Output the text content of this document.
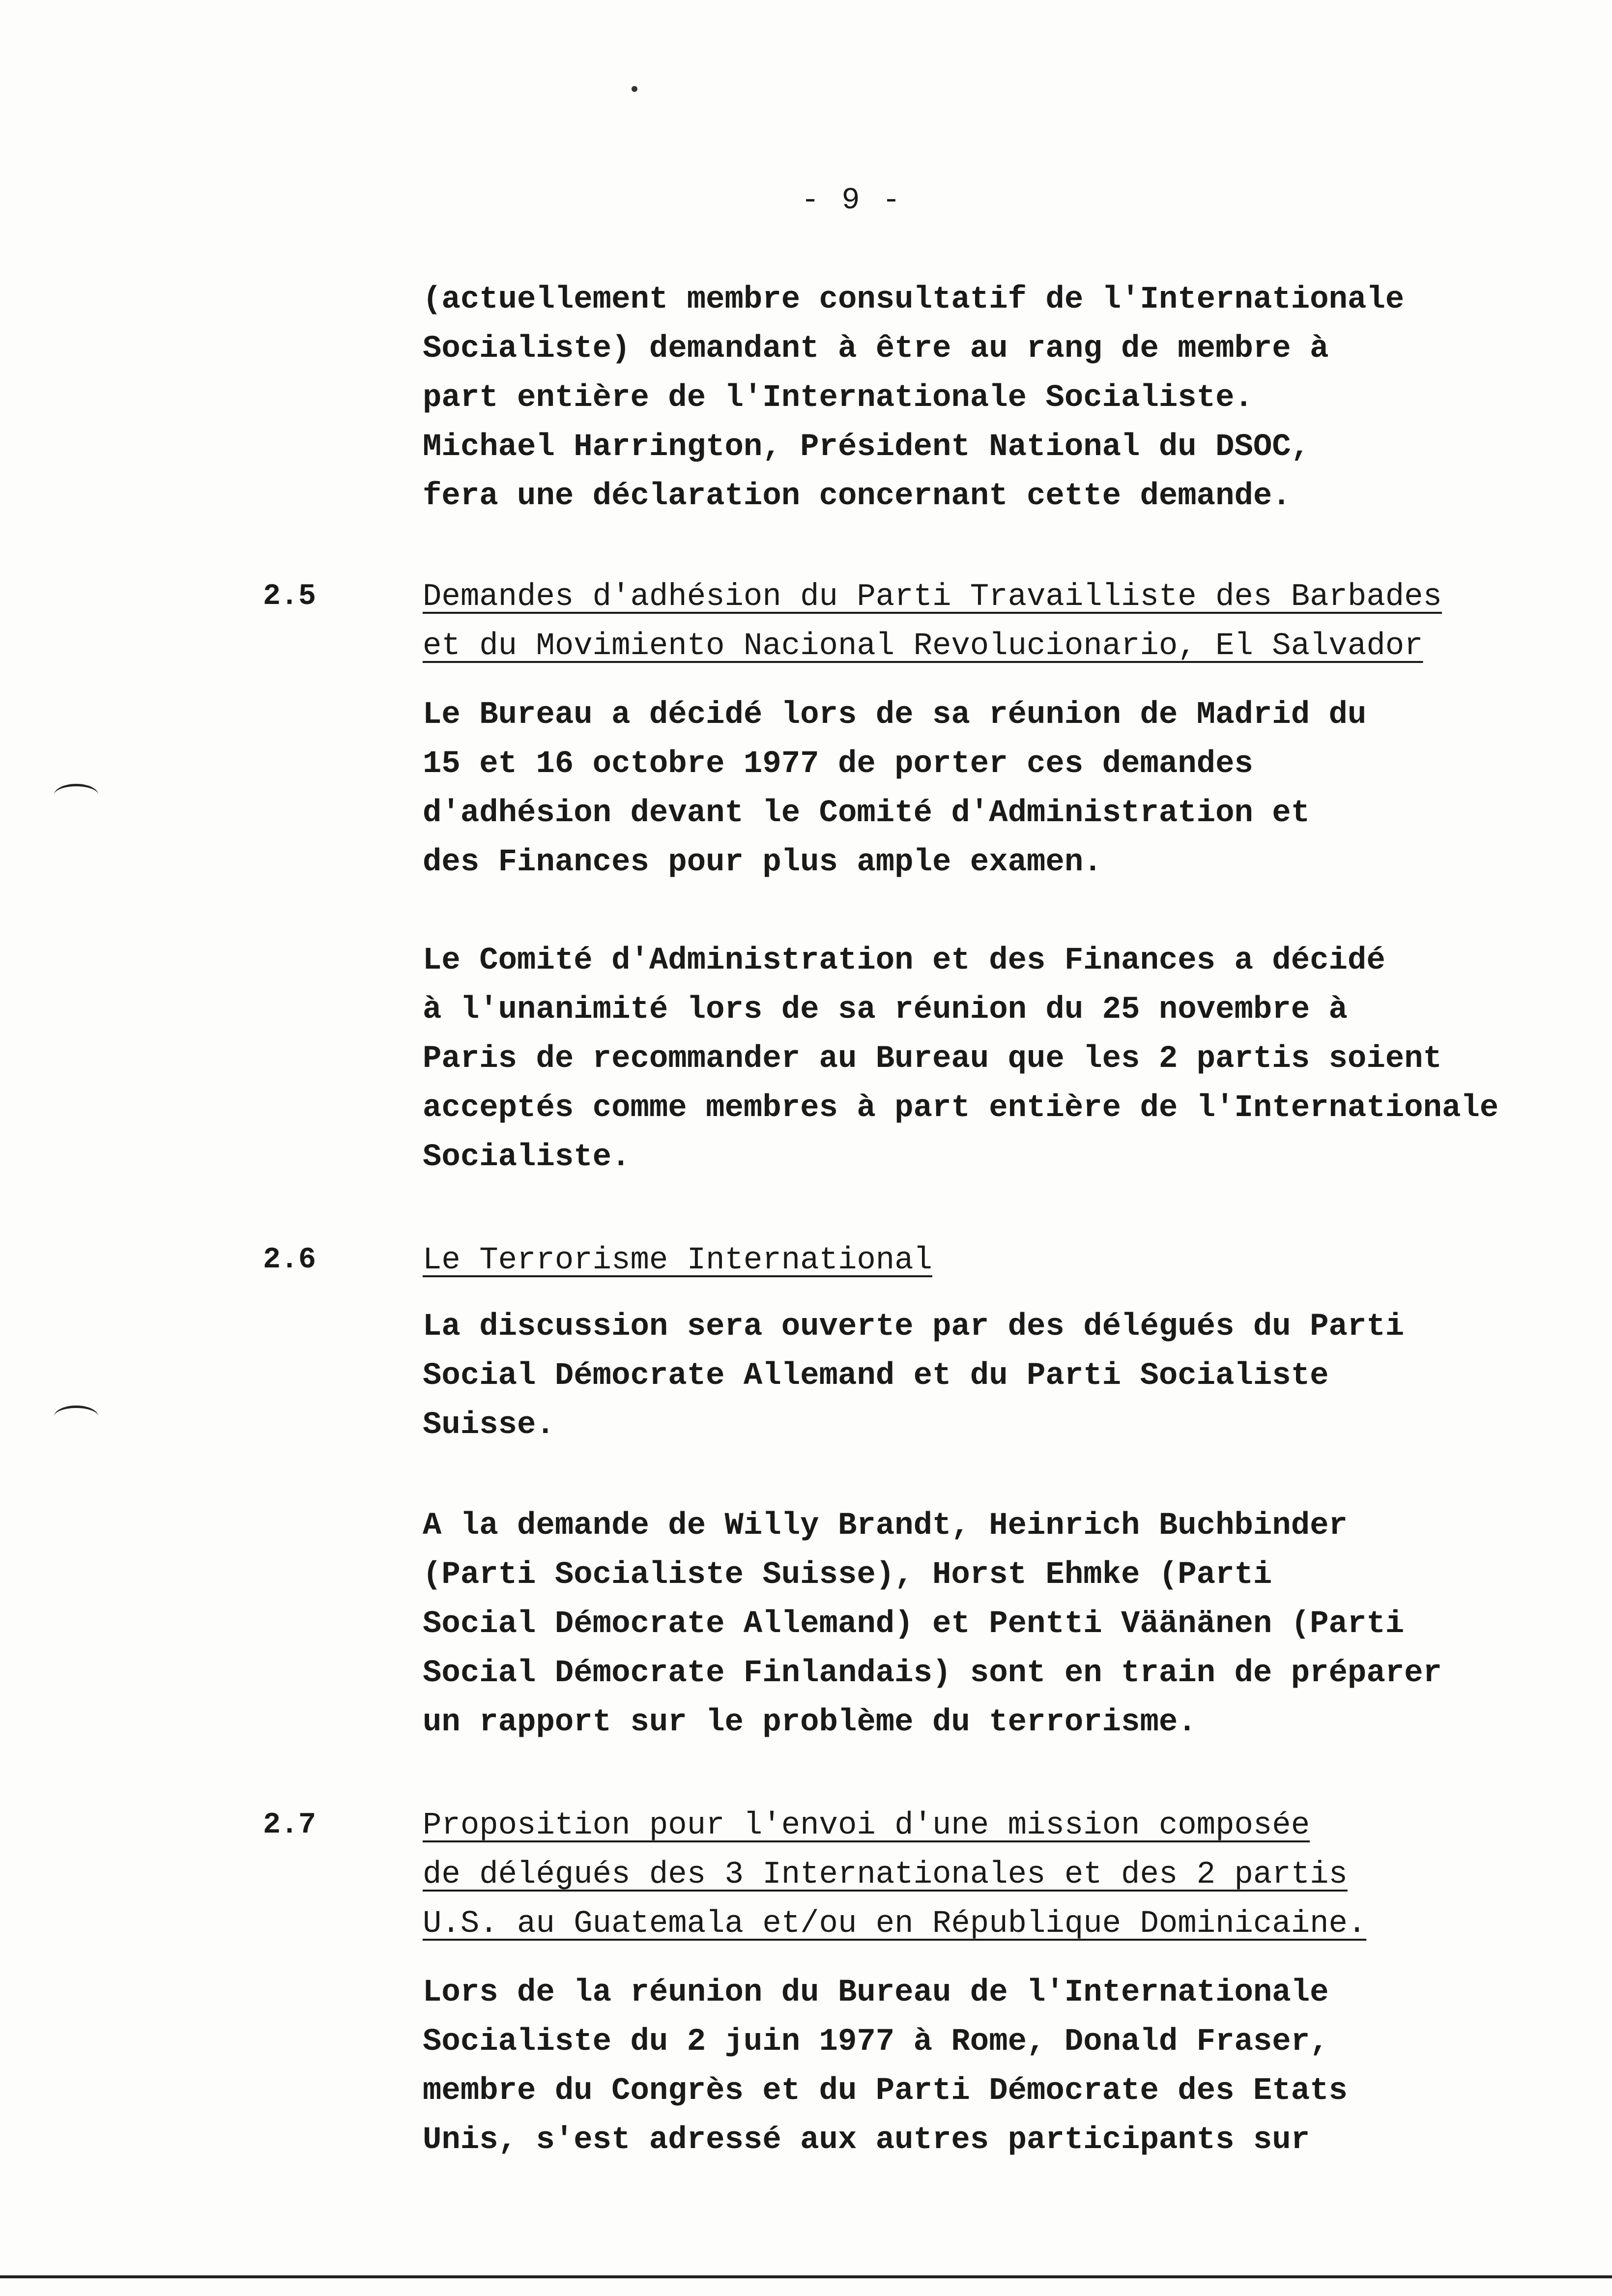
- 9 -
(actuellement membre consultatif de l'Internationale
Socialiste) demandant à être au rang de membre à
part entière de l'Internationale Socialiste.
Michael Harrington, Président National du DSOC,
fera une déclaration concernant cette demande.
2.5	Demandes d'adhésion du Parti Travailliste des Barbades
et du Movimiento Nacional Revolucionario, El Salvador
Le Bureau a décidé lors de sa réunion de Madrid du
15 et 16 octobre 1977 de porter ces demandes
d'adhésion devant le Comité d'Administration et
des Finances pour plus ample examen.
Le Comité d'Administration et des Finances a décidé
à l'unanimité lors de sa réunion du 25 novembre à
Paris de recommander au Bureau que les 2 partis soient
acceptés comme membres à part entière de l'Internationale
Socialiste.
2.6	Le Terrorisme International
La discussion sera ouverte par des délégués du Parti
Social Démocrate Allemand et du Parti Socialiste
Suisse.
A la demande de Willy Brandt, Heinrich Buchbinder
(Parti Socialiste Suisse), Horst Ehmke (Parti
Social Démocrate Allemand) et Pentti Väänänen (Parti
Social Démocrate Finlandais) sont en train de préparer
un rapport sur le problème du terrorisme.
2.7	Proposition pour l'envoi d'une mission composée
de délégués des 3 Internationales et des 2 partis
U.S. au Guatemala et/ou en République Dominicaine.
Lors de la réunion du Bureau de l'Internationale
Socialiste du 2 juin 1977 à Rome, Donald Fraser,
membre du Congrès et du Parti Démocrate des Etats
Unis, s'est adressé aux autres participants sur
